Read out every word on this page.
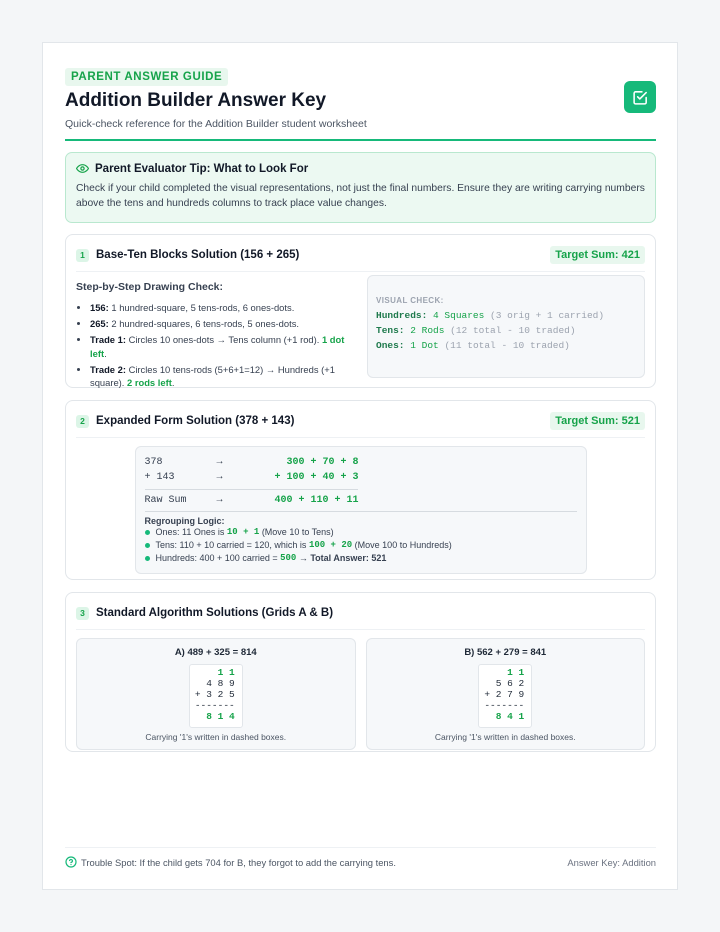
PARENT ANSWER GUIDE
Addition Builder Answer Key
Quick-check reference for the Addition Builder student worksheet
Parent Evaluator Tip: What to Look For
Check if your child completed the visual representations, not just the final numbers. Ensure they are writing carrying numbers above the tens and hundreds columns to track place value changes.
1 Base-Ten Blocks Solution (156 + 265)	Target Sum: 421
Step-by-Step Drawing Check:
• 156: 1 hundred-square, 5 tens-rods, 6 ones-dots.
• 265: 2 hundred-squares, 6 tens-rods, 5 ones-dots.
• Trade 1: Circles 10 ones-dots → Tens column (+1 rod). 1 dot left.
• Trade 2: Circles 10 tens-rods (5+6+1=12) → Hundreds (+1 square). 2 rods left.
VISUAL CHECK:
Hundreds: 4 Squares (3 orig + 1 carried)
Tens: 2 Rods (12 total - 10 traded)
Ones: 1 Dot (11 total - 10 traded)
2 Expanded Form Solution (378 + 143)	Target Sum: 521
378	→	300 + 70 + 8
+ 143	→	+ 100 + 40 + 3
Raw Sum	→	400 + 110 + 11
Regrouping Logic:
Ones: 11 Ones is
10 + 1
(Move 10 to Tens)
Tens: 110 + 10 carried = 120, which is
100 + 20
(Move 100 to Hundreds)
Hundreds: 400 + 100 carried =
500
→
Total Answer: 521
3 Standard Algorithm Solutions (Grids A & B)
A) 489 + 325 = 814
1 1
4 8 9
+ 3 2 5
-------
8 1 4
Carrying '1's written in dashed boxes.
B) 562 + 279 = 841
1 1
5 6 2
+ 2 7 9
-------
8 4 1
Carrying '1's written in dashed boxes.
Trouble Spot: If the child gets 704 for B, they forgot to add the carrying tens.	Answer Key: Addition
